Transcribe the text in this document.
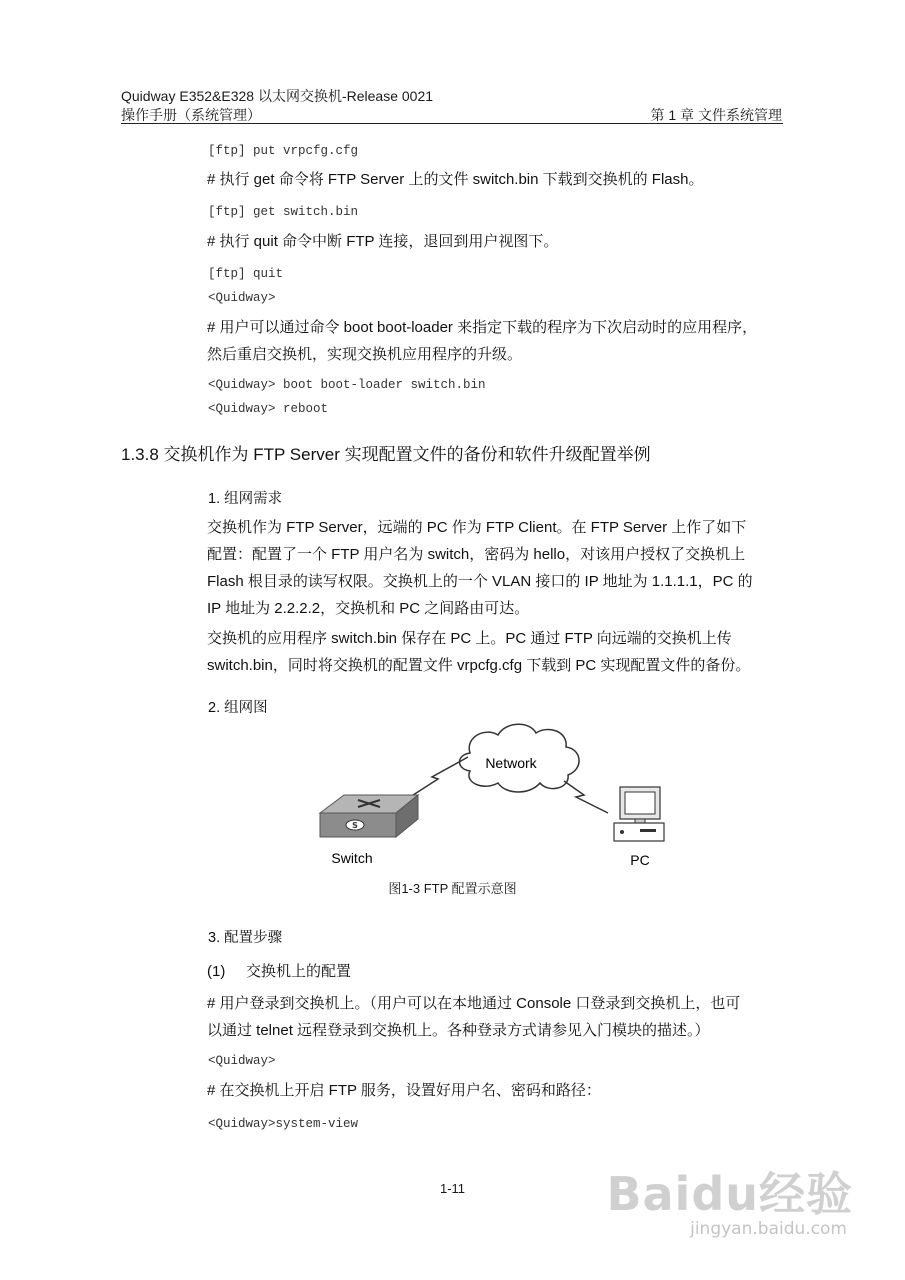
Quidway E352&E328 以太网交换机-Release 0021
操作手册（系统管理）	第 1 章 文件系统管理
[ftp] put vrpcfg.cfg
# 执行 get 命令将 FTP Server 上的文件 switch.bin 下载到交换机的 Flash。
[ftp] get switch.bin
# 执行 quit 命令中断 FTP 连接，退回到用户视图下。
[ftp] quit
<Quidway>
# 用户可以通过命令 boot boot-loader 来指定下载的程序为下次启动时的应用程序，
然后重启交换机，实现交换机应用程序的升级。
<Quidway> boot boot-loader switch.bin
<Quidway> reboot
1.3.8 交换机作为 FTP Server 实现配置文件的备份和软件升级配置举例
1. 组网需求
交换机作为 FTP Server，远端的 PC 作为 FTP Client。在 FTP Server 上作了如下
配置：配置了一个 FTP 用户名为 switch，密码为 hello，对该用户授权了交换机上
Flash 根目录的读写权限。交换机上的一个 VLAN 接口的 IP 地址为 1.1.1.1，PC 的
IP 地址为 2.2.2.2，交换机和 PC 之间路由可达。
交换机的应用程序 switch.bin 保存在 PC 上。PC 通过 FTP 向远端的交换机上传
switch.bin，同时将交换机的配置文件 vrpcfg.cfg 下载到 PC 实现配置文件的备份。
2. 组网图
S
Network
Switch	PC
图1-3 FTP 配置示意图
3. 配置步骤
(1)	交换机上的配置
# 用户登录到交换机上。（用户可以在本地通过 Console 口登录到交换机上，也可
以通过 telnet 远程登录到交换机上。各种登录方式请参见入门模块的描述。）
<Quidway>
# 在交换机上开启 FTP 服务，设置好用户名、密码和路径：
<Quidway>system-view
1-11	Baidu经验
jingyan.baidu.com
